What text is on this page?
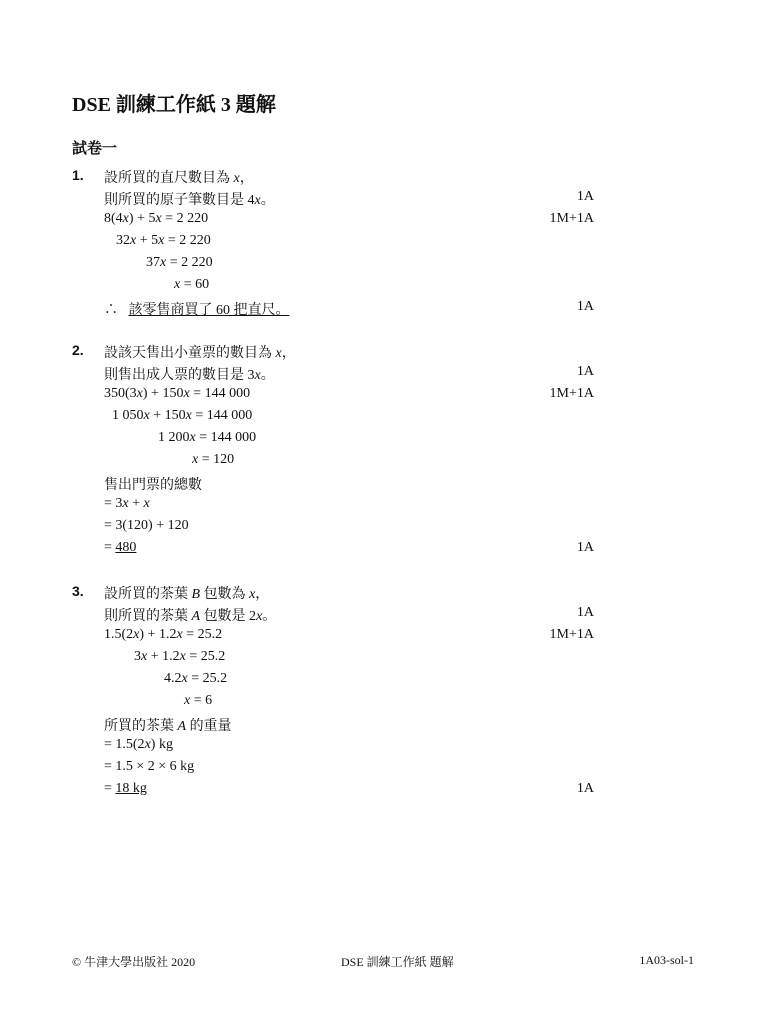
DSE 訓練工作紙 3 題解
試卷一
1. 設所買的直尺數目為 x，
則所買的原子筆數目是 4x。	1A
8(4x) + 5x = 2 220	1M+1A
32x + 5x = 2 220
37x = 2 220
x = 60
∴   該零售商買了 60 把直尺。	1A
2. 設該天售出小童票的數目為 x，
則售出成人票的數目是 3x。	1A
350(3x) + 150x = 144 000	1M+1A
1 050x + 150x = 144 000
1 200x = 144 000
x = 120
售出門票的總數
= 3x + x
= 3(120) + 120
= 480	1A
3. 設所買的茶葉 B 包數為 x，
則所買的茶葉 A 包數是 2x。	1A
1.5(2x) + 1.2x = 25.2	1M+1A
3x + 1.2x = 25.2
4.2x = 25.2
x = 6
所買的茶葉 A 的重量
= 1.5(2x) kg
= 1.5 × 2 × 6 kg
= 18 kg	1A
© 牛津大學出版社 2020	DSE 訓練工作紙 題解	1A03-sol-1
